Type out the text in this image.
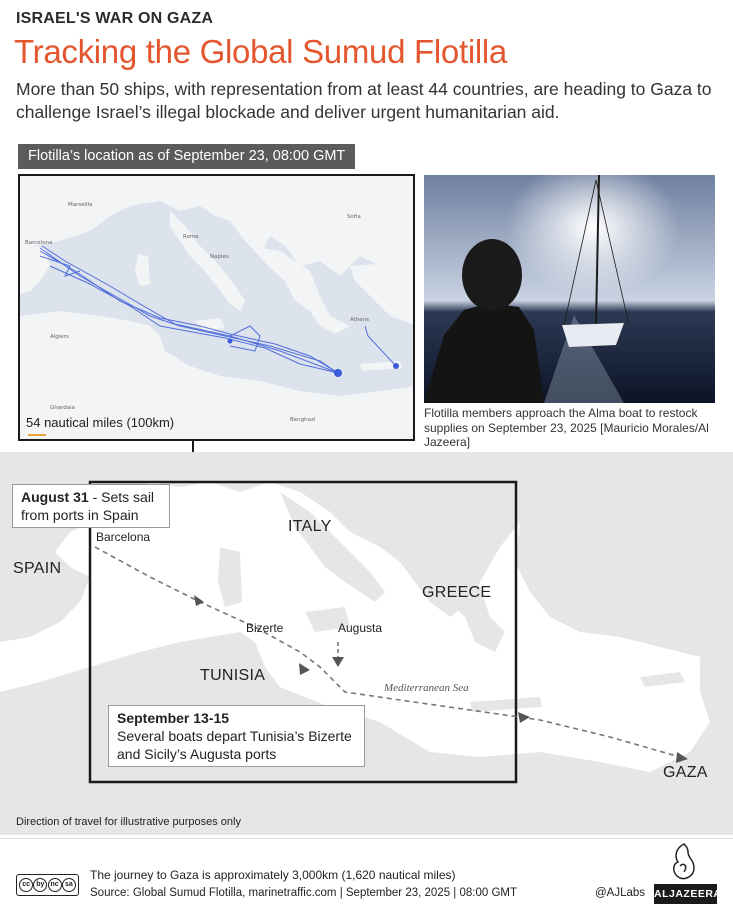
ISRAEL'S WAR ON GAZA
Tracking the Global Sumud Flotilla
More than 50 ships, with representation from at least 44 countries, are heading to Gaza to challenge Israel’s illegal blockade and deliver urgent humanitarian aid.
Flotilla’s location as of September 23, 08:00 GMT
Marseille
Barcelona
Rome
Naples
Sofia
Algiers
Athens
Ghardaia
Benghazi
54 nautical miles (100km)
Flotilla members approach the Alma boat to restock supplies on September 23, 2025 [Mauricio Morales/Al Jazeera]
SPAIN
ITALY
GREECE
TUNISIA
GAZA
Barcelona
Bizerte	Augusta
Mediterranean Sea
August 31 - Sets sail from ports in Spain
September 13-15
Several boats depart Tunisia’s Bizerte and Sicily’s Augusta ports
Direction of travel for illustrative purposes only
cc by nc sa
The journey to Gaza is approximately 3,000km (1,620 nautical miles)
Source: Global Sumud Flotilla, marinetraffic.com | September 23, 2025 | 08:00 GMT	@AJLabs ALJAZEERA
